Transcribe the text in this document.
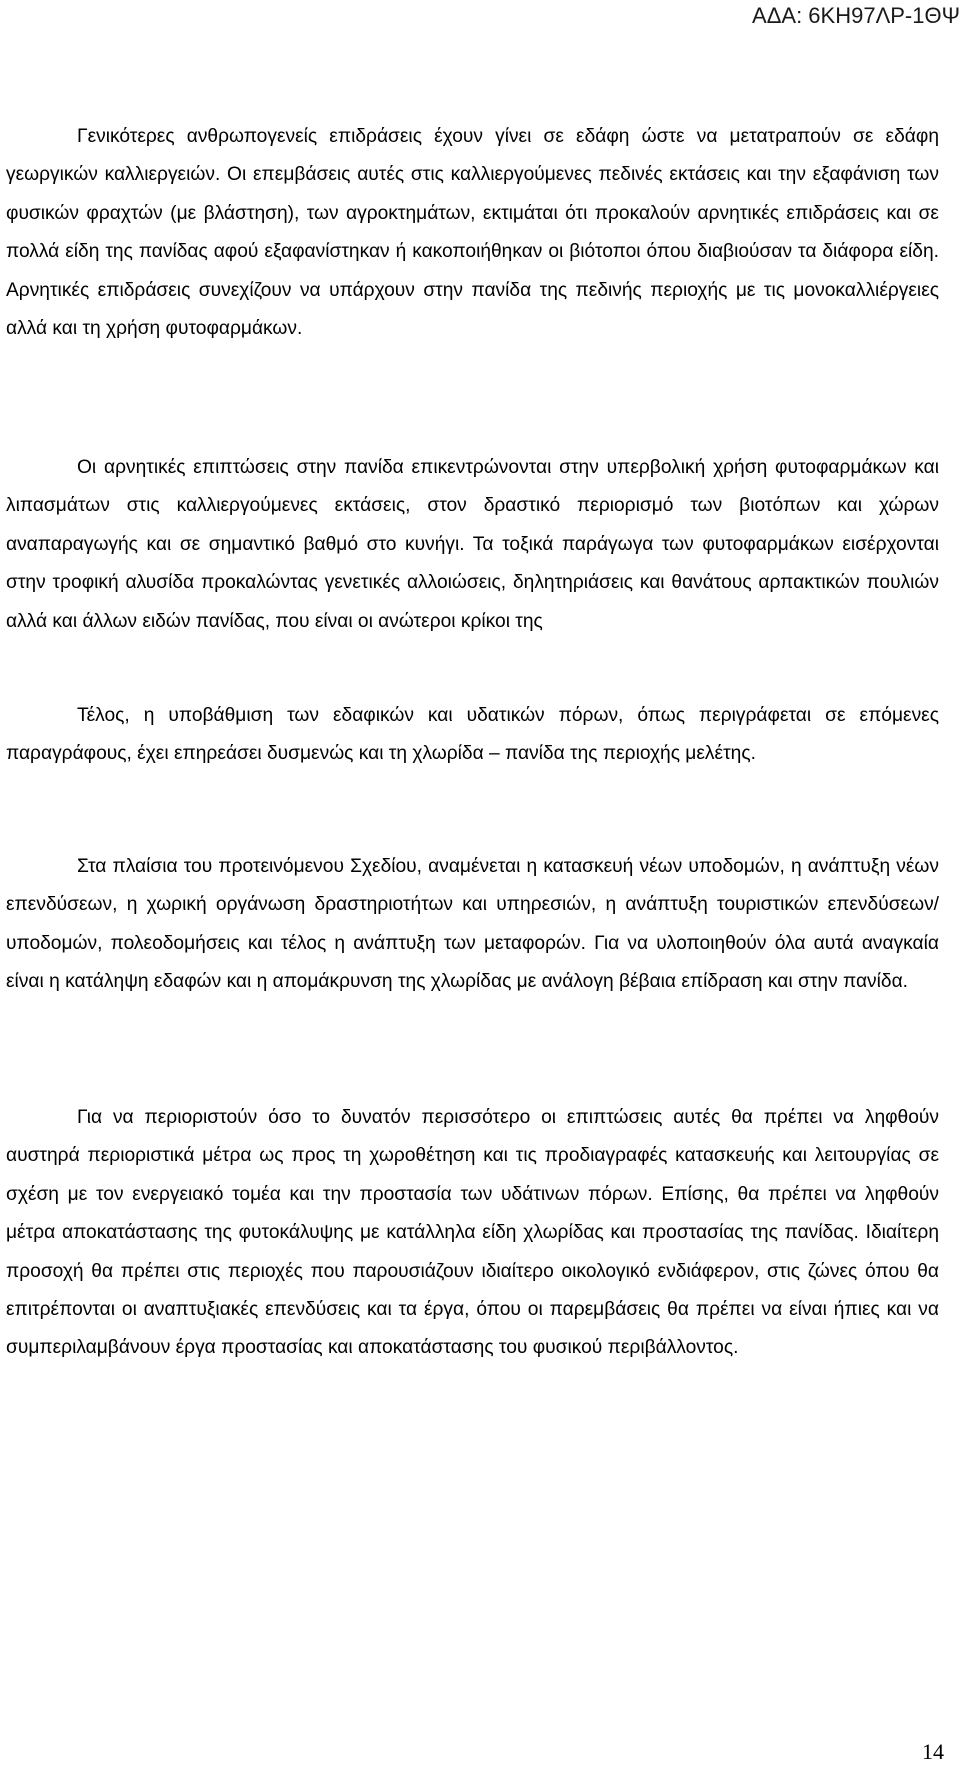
ΑΔΑ: 6ΚΗ97ΛΡ-1ΘΨ

Γενικότερες ανθρωπογενείς επιδράσεις έχουν γίνει σε εδάφη ώστε να μετατραπούν σε εδάφη γεωργικών καλλιεργειών. Οι επεμβάσεις αυτές στις καλλιεργούμενες πεδινές εκτάσεις και την εξαφάνιση των φυσικών φραχτών (με βλάστηση), των αγροκτημάτων, εκτιμάται ότι προκαλούν αρνητικές επιδράσεις και σε πολλά είδη της πανίδας αφού εξαφανίστηκαν ή κακοποιήθηκαν οι βιότοποι όπου διαβιούσαν τα διάφορα είδη. Αρνητικές επιδράσεις συνεχίζουν να υπάρχουν στην πανίδα της πεδινής περιοχής με τις μονοκαλλιέργειες αλλά και τη χρήση φυτοφαρμάκων.

Οι αρνητικές επιπτώσεις στην πανίδα επικεντρώνονται στην υπερβολική χρήση φυτοφαρμάκων και λιπασμάτων στις καλλιεργούμενες εκτάσεις, στον δραστικό περιορισμό των βιοτόπων και χώρων αναπαραγωγής και σε σημαντικό βαθμό στο κυνήγι. Τα τοξικά παράγωγα των φυτοφαρμάκων εισέρχονται στην τροφική αλυσίδα προκαλώντας γενετικές αλλοιώσεις, δηλητηριάσεις και θανάτους αρπακτικών πουλιών αλλά και άλλων ειδών πανίδας, που είναι οι ανώτεροι κρίκοι της

Τέλος, η υποβάθμιση των εδαφικών και υδατικών πόρων, όπως περιγράφεται σε επόμενες παραγράφους, έχει επηρεάσει δυσμενώς και τη χλωρίδα – πανίδα της περιοχής μελέτης.

Στα πλαίσια του προτεινόμενου Σχεδίου, αναμένεται η κατασκευή νέων υποδομών, η ανάπτυξη νέων επενδύσεων, η χωρική οργάνωση δραστηριοτήτων και υπηρεσιών, η ανάπτυξη τουριστικών επενδύσεων/υποδομών, πολεοδομήσεις και τέλος η ανάπτυξη των μεταφορών. Για να υλοποιηθούν όλα αυτά αναγκαία είναι η κατάληψη εδαφών και η απομάκρυνση της χλωρίδας με ανάλογη βέβαια επίδραση και στην πανίδα.

Για να περιοριστούν όσο το δυνατόν περισσότερο οι επιπτώσεις αυτές θα πρέπει να ληφθούν αυστηρά περιοριστικά μέτρα ως προς τη χωροθέτηση και τις προδιαγραφές κατασκευής και λειτουργίας σε σχέση με τον ενεργειακό τομέα και την προστασία των υδάτινων πόρων. Επίσης, θα πρέπει να ληφθούν μέτρα αποκατάστασης της φυτοκάλυψης με κατάλληλα είδη χλωρίδας και προστασίας της πανίδας. Ιδιαίτερη προσοχή θα πρέπει στις περιοχές που παρουσιάζουν ιδιαίτερο οικολογικό ενδιάφερον, στις ζώνες όπου θα επιτρέπονται οι αναπτυξιακές επενδύσεις και τα έργα, όπου οι παρεμβάσεις θα πρέπει να είναι ήπιες και να συμπεριλαμβάνουν έργα προστασίας και αποκατάστασης του φυσικού περιβάλλοντος.

14
